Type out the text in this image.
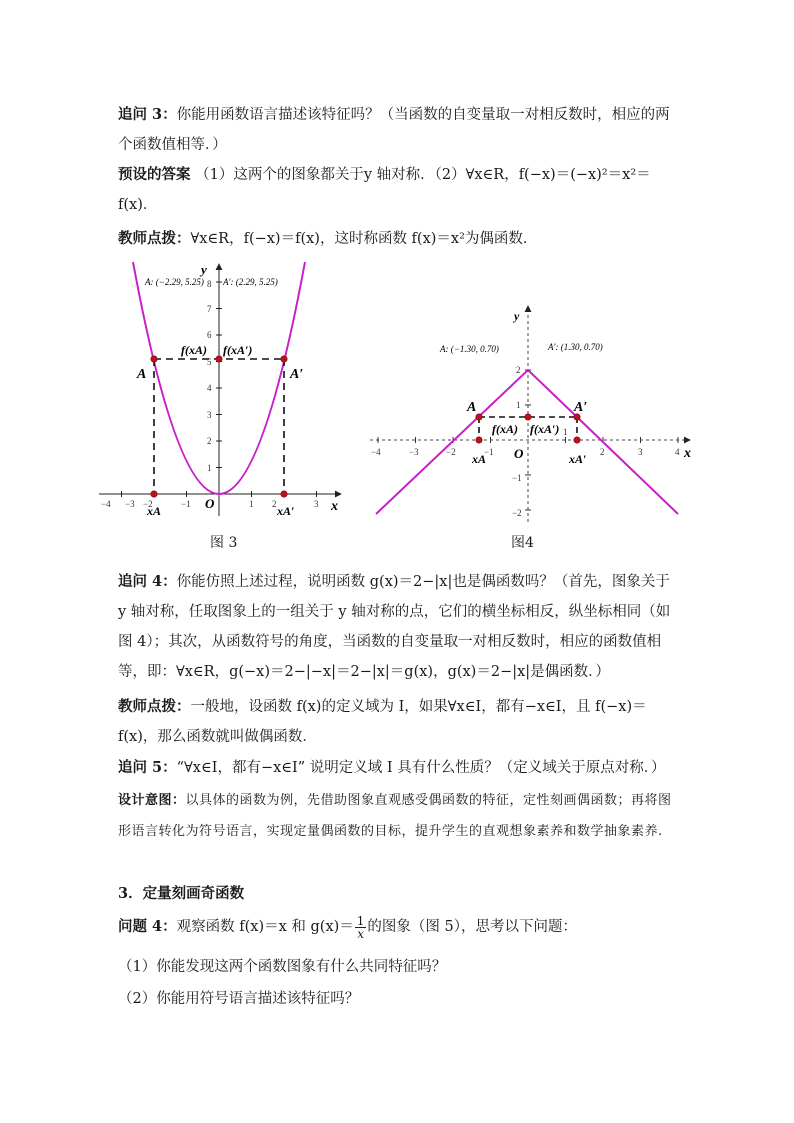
追问 3：你能用函数语言描述该特征吗？（当函数的自变量取一对相反数时，相应的两个函数值相等．）
预设的答案 （1）这两个的图象都关于y 轴对称．（2）∀x∈R，f(−x)＝(−x)²＝x²＝
f(x)．
教师点拨：∀x∈R，f(−x)＝f(x)，这时称函数 f(x)＝x²为偶函数．
−4 −3 −2	−1	1 2	3
1
2
3
4
5
6
7
8
y
x
O
A: (−2.29, 5.25) A′: (2.29, 5.25)
A	A′
f(xA) f(xA′)
xA	xA′
图 3
−4	−3	−2	−1
1
2	3	4
2
1
−1
−2
y
x
O
A: (−1.30, 0.70)	A′: (1.30, 0.70)
A	A′
f(xA) f(xA′)
xA	xA′
图4
追问 4：你能仿照上述过程，说明函数 g(x)＝2−|x|也是偶函数吗？（首先，图象关于y 轴对称，任取图象上的一组关于 y 轴对称的点，它们的横坐标相反，纵坐标相同（如图 4）；其次，从函数符号的角度，当函数的自变量取一对相反数时，相应的函数值相等，即：∀x∈R，g(−x)＝2−|−x|＝2−|x|＝g(x)，g(x)＝2−|x|是偶函数．）
教师点拨：一般地，设函数 f(x)的定义域为 I，如果∀x∈I，都有−x∈I，且 f(−x)＝f(x)，那么函数就叫做偶函数．
追问 5：“∀x∈I，都有−x∈I” 说明定义域 I 具有什么性质？（定义域关于原点对称．）
设计意图：以具体的函数为例，先借助图象直观感受偶函数的特征，定性刻画偶函数；再将图形语言转化为符号语言，实现定量偶函数的目标，提升学生的直观想象素养和数学抽象素养.
3．定量刻画奇函数
问题 4：观察函数 f(x)＝x 和 $g(x)= \frac{1}{x}$ 的图象（图 5），思考以下问题：
（1）你能发现这两个函数图象有什么共同特征吗？
（2）你能用符号语言描述该特征吗？
